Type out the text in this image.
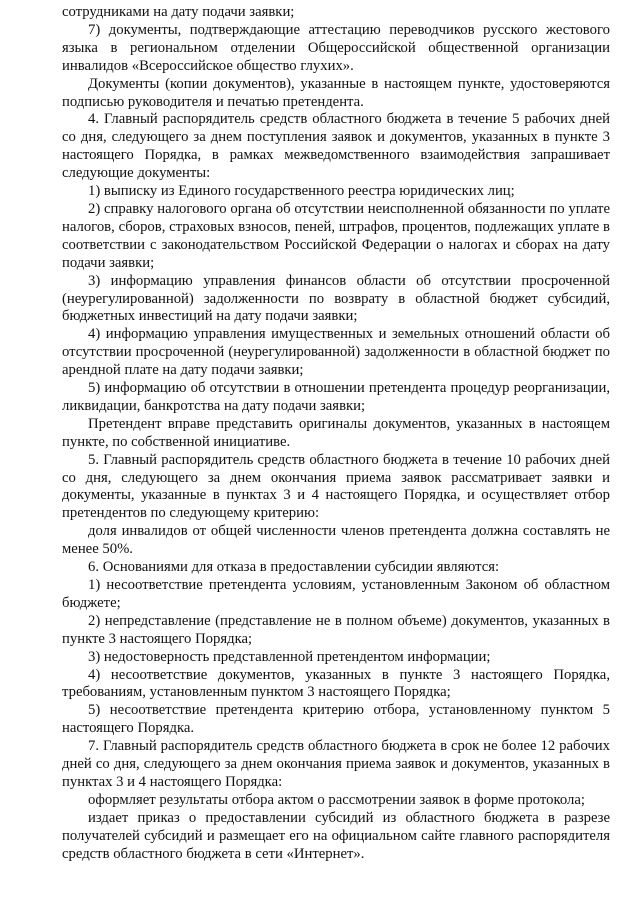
сотрудниками на дату подачи заявки;

7) документы, подтверждающие аттестацию переводчиков русского жестового языка в региональном отделении Общероссийской общественной организации инвалидов «Всероссийское общество глухих».

Документы (копии документов), указанные в настоящем пункте, удостоверяются подписью руководителя и печатью претендента.

4. Главный распорядитель средств областного бюджета в течение 5 рабочих дней со дня, следующего за днем поступления заявок и документов, указанных в пункте 3 настоящего Порядка, в рамках межведомственного взаимодействия запрашивает следующие документы:

1) выписку из Единого государственного реестра юридических лиц;

2) справку налогового органа об отсутствии неисполненной обязанности по уплате налогов, сборов, страховых взносов, пеней, штрафов, процентов, подлежащих уплате в соответствии с законодательством Российской Федерации о налогах и сборах на дату подачи заявки;

3) информацию управления финансов области об отсутствии просроченной (неурегулированной) задолженности по возврату в областной бюджет субсидий, бюджетных инвестиций на дату подачи заявки;

4) информацию управления имущественных и земельных отношений области об отсутствии просроченной (неурегулированной) задолженности в областной бюджет по арендной плате на дату подачи заявки;

5) информацию об отсутствии в отношении претендента процедур реорганизации, ликвидации, банкротства на дату подачи заявки;

Претендент вправе представить оригиналы документов, указанных в настоящем пункте, по собственной инициативе.

5. Главный распорядитель средств областного бюджета в течение 10 рабочих дней со дня, следующего за днем окончания приема заявок рассматривает заявки и документы, указанные в пунктах 3 и 4 настоящего Порядка, и осуществляет отбор претендентов по следующему критерию:

доля инвалидов от общей численности членов претендента должна составлять не менее 50%.

6. Основаниями для отказа в предоставлении субсидии являются:

1) несоответствие претендента условиям, установленным Законом об областном бюджете;

2) непредставление (представление не в полном объеме) документов, указанных в пункте 3 настоящего Порядка;

3) недостоверность представленной претендентом информации;

4) несоответствие документов, указанных в пункте 3 настоящего Порядка, требованиям, установленным пунктом 3 настоящего Порядка;

5) несоответствие претендента критерию отбора, установленному пунктом 5 настоящего Порядка.

7. Главный распорядитель средств областного бюджета в срок не более 12 рабочих дней со дня, следующего за днем окончания приема заявок и документов, указанных в пунктах 3 и 4 настоящего Порядка:

оформляет результаты отбора актом о рассмотрении заявок в форме протокола;

издает приказ о предоставлении субсидий из областного бюджета в разрезе получателей субсидий и размещает его на официальном сайте главного распорядителя средств областного бюджета в сети «Интернет».
